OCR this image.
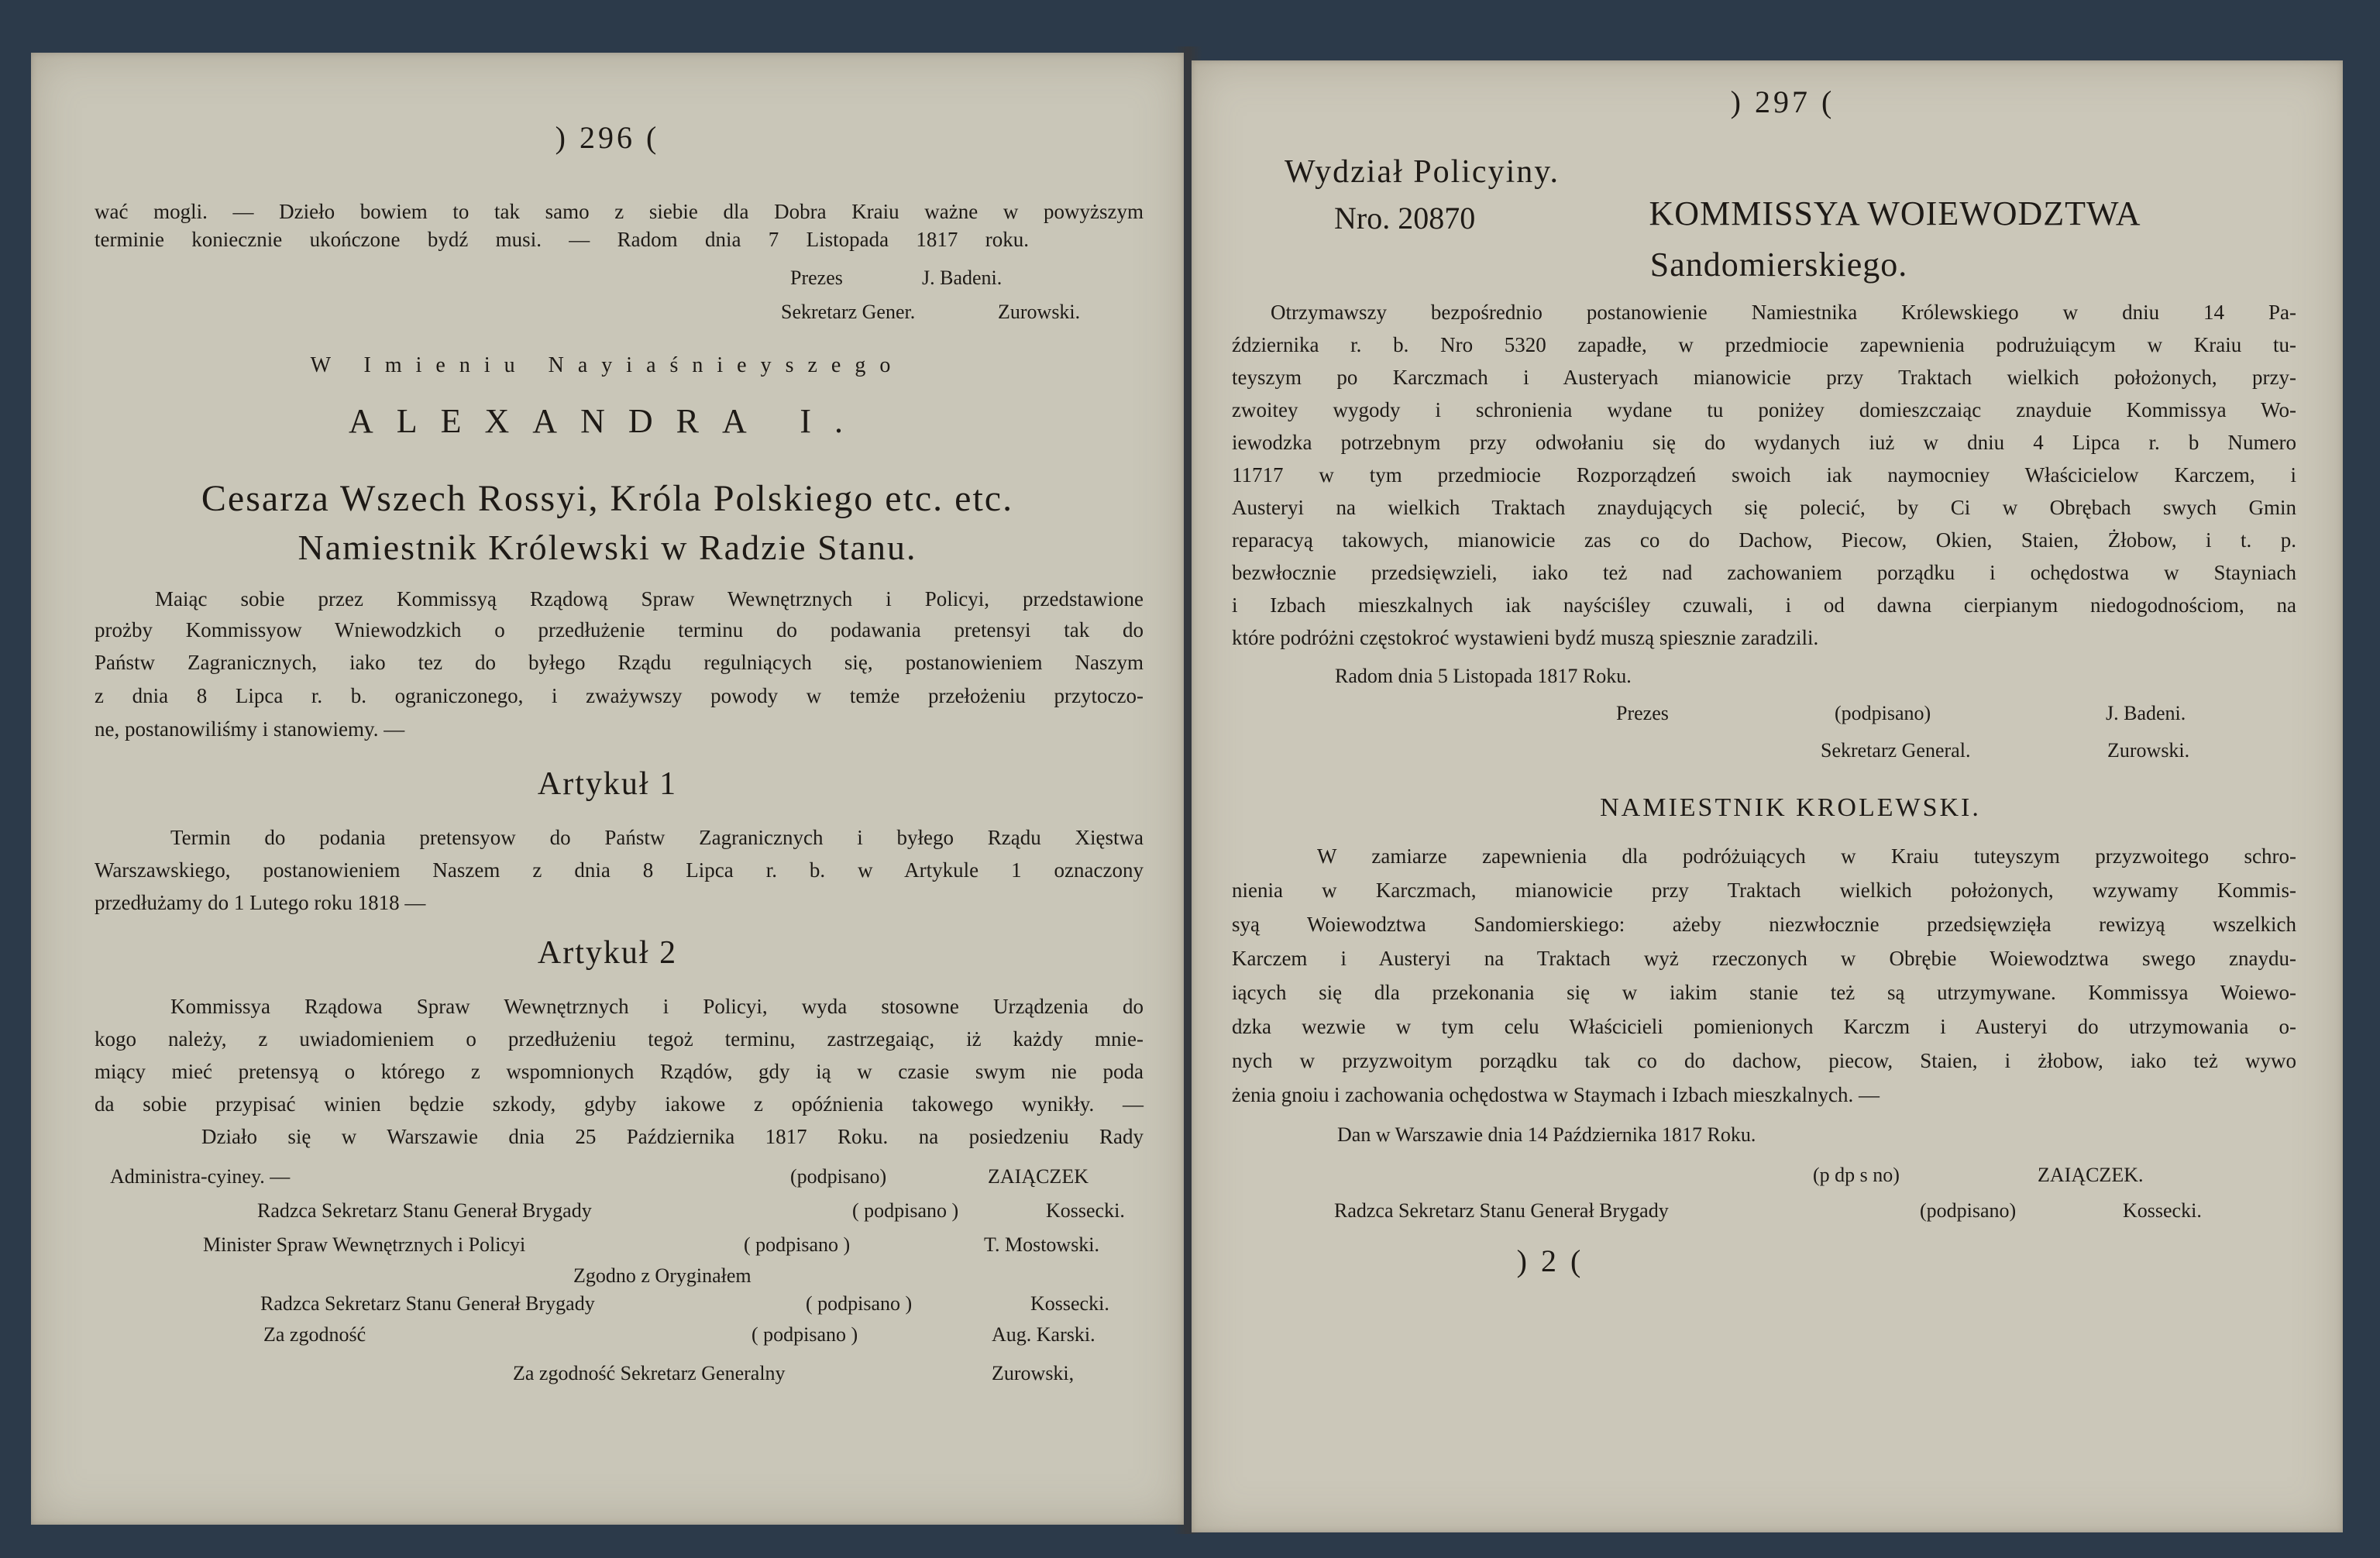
) 296 (
wać mogli. — Dzieło bowiem to tak samo z siebie dla Dobra Kraiu ważne w powyższym
terminie koniecznie ukończone bydź musi. — Radom dnia 7 Listopada 1817 roku.
Prezes	J. Badeni.
Sekretarz Gener.	Zurowski.
W Imieniu Nayiaśnieyszego
ALEXANDRA I.
Cesarza Wszech Rossyi, Króla Polskiego etc. etc.
Namiestnik Królewski w Radzie Stanu.
Maiąc sobie przez Kommissyą Rządową Spraw Wewnętrznych i Policyi, przedstawione
prożby Kommissyow Wniewodzkich o przedłużenie terminu do podawania pretensyi tak do
Państw Zagranicznych, iako tez do byłego Rządu regulniących się, postanowieniem Naszym
z dnia 8 Lipca r. b. ograniczonego, i zważywszy powody w temże przełożeniu przytoczo-
ne, postanowiliśmy i stanowiemy. —
Artykuł 1
Termin do podania pretensyow do Państw Zagranicznych i byłego Rządu Xięstwa
Warszawskiego, postanowieniem Naszem z dnia 8 Lipca r. b. w Artykule 1 oznaczony
przedłużamy do 1 Lutego roku 1818 —
Artykuł 2
Kommissya Rządowa Spraw Wewnętrznych i Policyi, wyda stosowne Urządzenia do
kogo należy, z uwiadomieniem o przedłużeniu tegoż terminu, zastrzegaiąc, iż każdy mnie-
miący mieć pretensyą o którego z wspomnionych Rządów, gdy ią w czasie swym nie poda
da sobie przypisać winien będzie szkody, gdyby iakowe z opóźnienia takowego wynikły. —
Działo się w Warszawie dnia 25 Października 1817 Roku. na posiedzeniu Rady
Administra-cyiney. —	(podpisano)	ZAIĄCZEK
Radzca Sekretarz Stanu Generał Brygady	( podpisano )	Kossecki.
Minister Spraw Wewnętrznych i Policyi	( podpisano )	T. Mostowski.
Zgodno z Oryginałem
Radzca Sekretarz Stanu Generał Brygady	( podpisano )	Kossecki.
Za zgodność	( podpisano )	Aug. Karski.
Za zgodność Sekretarz Generalny	Zurowski,
) 297 (
Wydział Policyiny.
Nro. 20870	KOMMISSYA WOIEWODZTWA
Sandomierskiego.
Otrzymawszy bezpośrednio postanowienie Namiestnika Królewskiego w dniu 14 Pa-
ździernika r. b. Nro 5320 zapadłe, w przedmiocie zapewnienia podrużuiącym w Kraiu tu-
teyszym po Karczmach i Austeryach mianowicie przy Traktach wielkich położonych, przy-
zwoitey wygody i schronienia wydane tu poniżey domieszczaiąc znayduie Kommissya Wo-
iewodzka potrzebnym przy odwołaniu się do wydanych iuż w dniu 4 Lipca r. b Numero
11717 w tym przedmiocie Rozporządzeń swoich iak naymocniey Właścicielow Karczem, i
Austeryi na wielkich Traktach znaydujących się polecić, by Ci w Obrębach swych Gmin
reparacyą takowych, mianowicie zas co do Dachow, Piecow, Okien, Staien, Żłobow, i t. p.
bezwłocznie przedsięwzieli, iako też nad zachowaniem porządku i ochędostwa w Stayniach
i Izbach mieszkalnych iak nayściśley czuwali, i od dawna cierpianym niedogodnościom, na
które podróżni częstokroć wystawieni bydź muszą spiesznie zaradzili.
Radom dnia 5 Listopada 1817 Roku.
Prezes	(podpisano)	J. Badeni.
Sekretarz General.	Zurowski.
NAMIESTNIK KROLEWSKI.
W zamiarze zapewnienia dla podróżuiących w Kraiu tuteyszym przyzwoitego schro-
nienia w Karczmach, mianowicie przy Traktach wielkich położonych, wzywamy Kommis-
syą Woiewodztwa Sandomierskiego: ażeby niezwłocznie przedsięwzięła rewizyą wszelkich
Karczem i Austeryi na Traktach wyż rzeczonych w Obrębie Woiewodztwa swego znaydu-
iących się dla przekonania się w iakim stanie też są utrzymywane. Kommissya Woiewo-
dzka wezwie w tym celu Właścicieli pomienionych Karczm i Austeryi do utrzymowania o-
nych w przyzwoitym porządku tak co do dachow, piecow, Staien, i żłobow, iako też wywo
żenia gnoiu i zachowania ochędostwa w Staymach i Izbach mieszkalnych. —
Dan w Warszawie dnia 14 Października 1817 Roku.
(p dp s no)	ZAIĄCZEK.
Radzca Sekretarz Stanu Generał Brygady	(podpisano)	Kossecki.
) 2 (
